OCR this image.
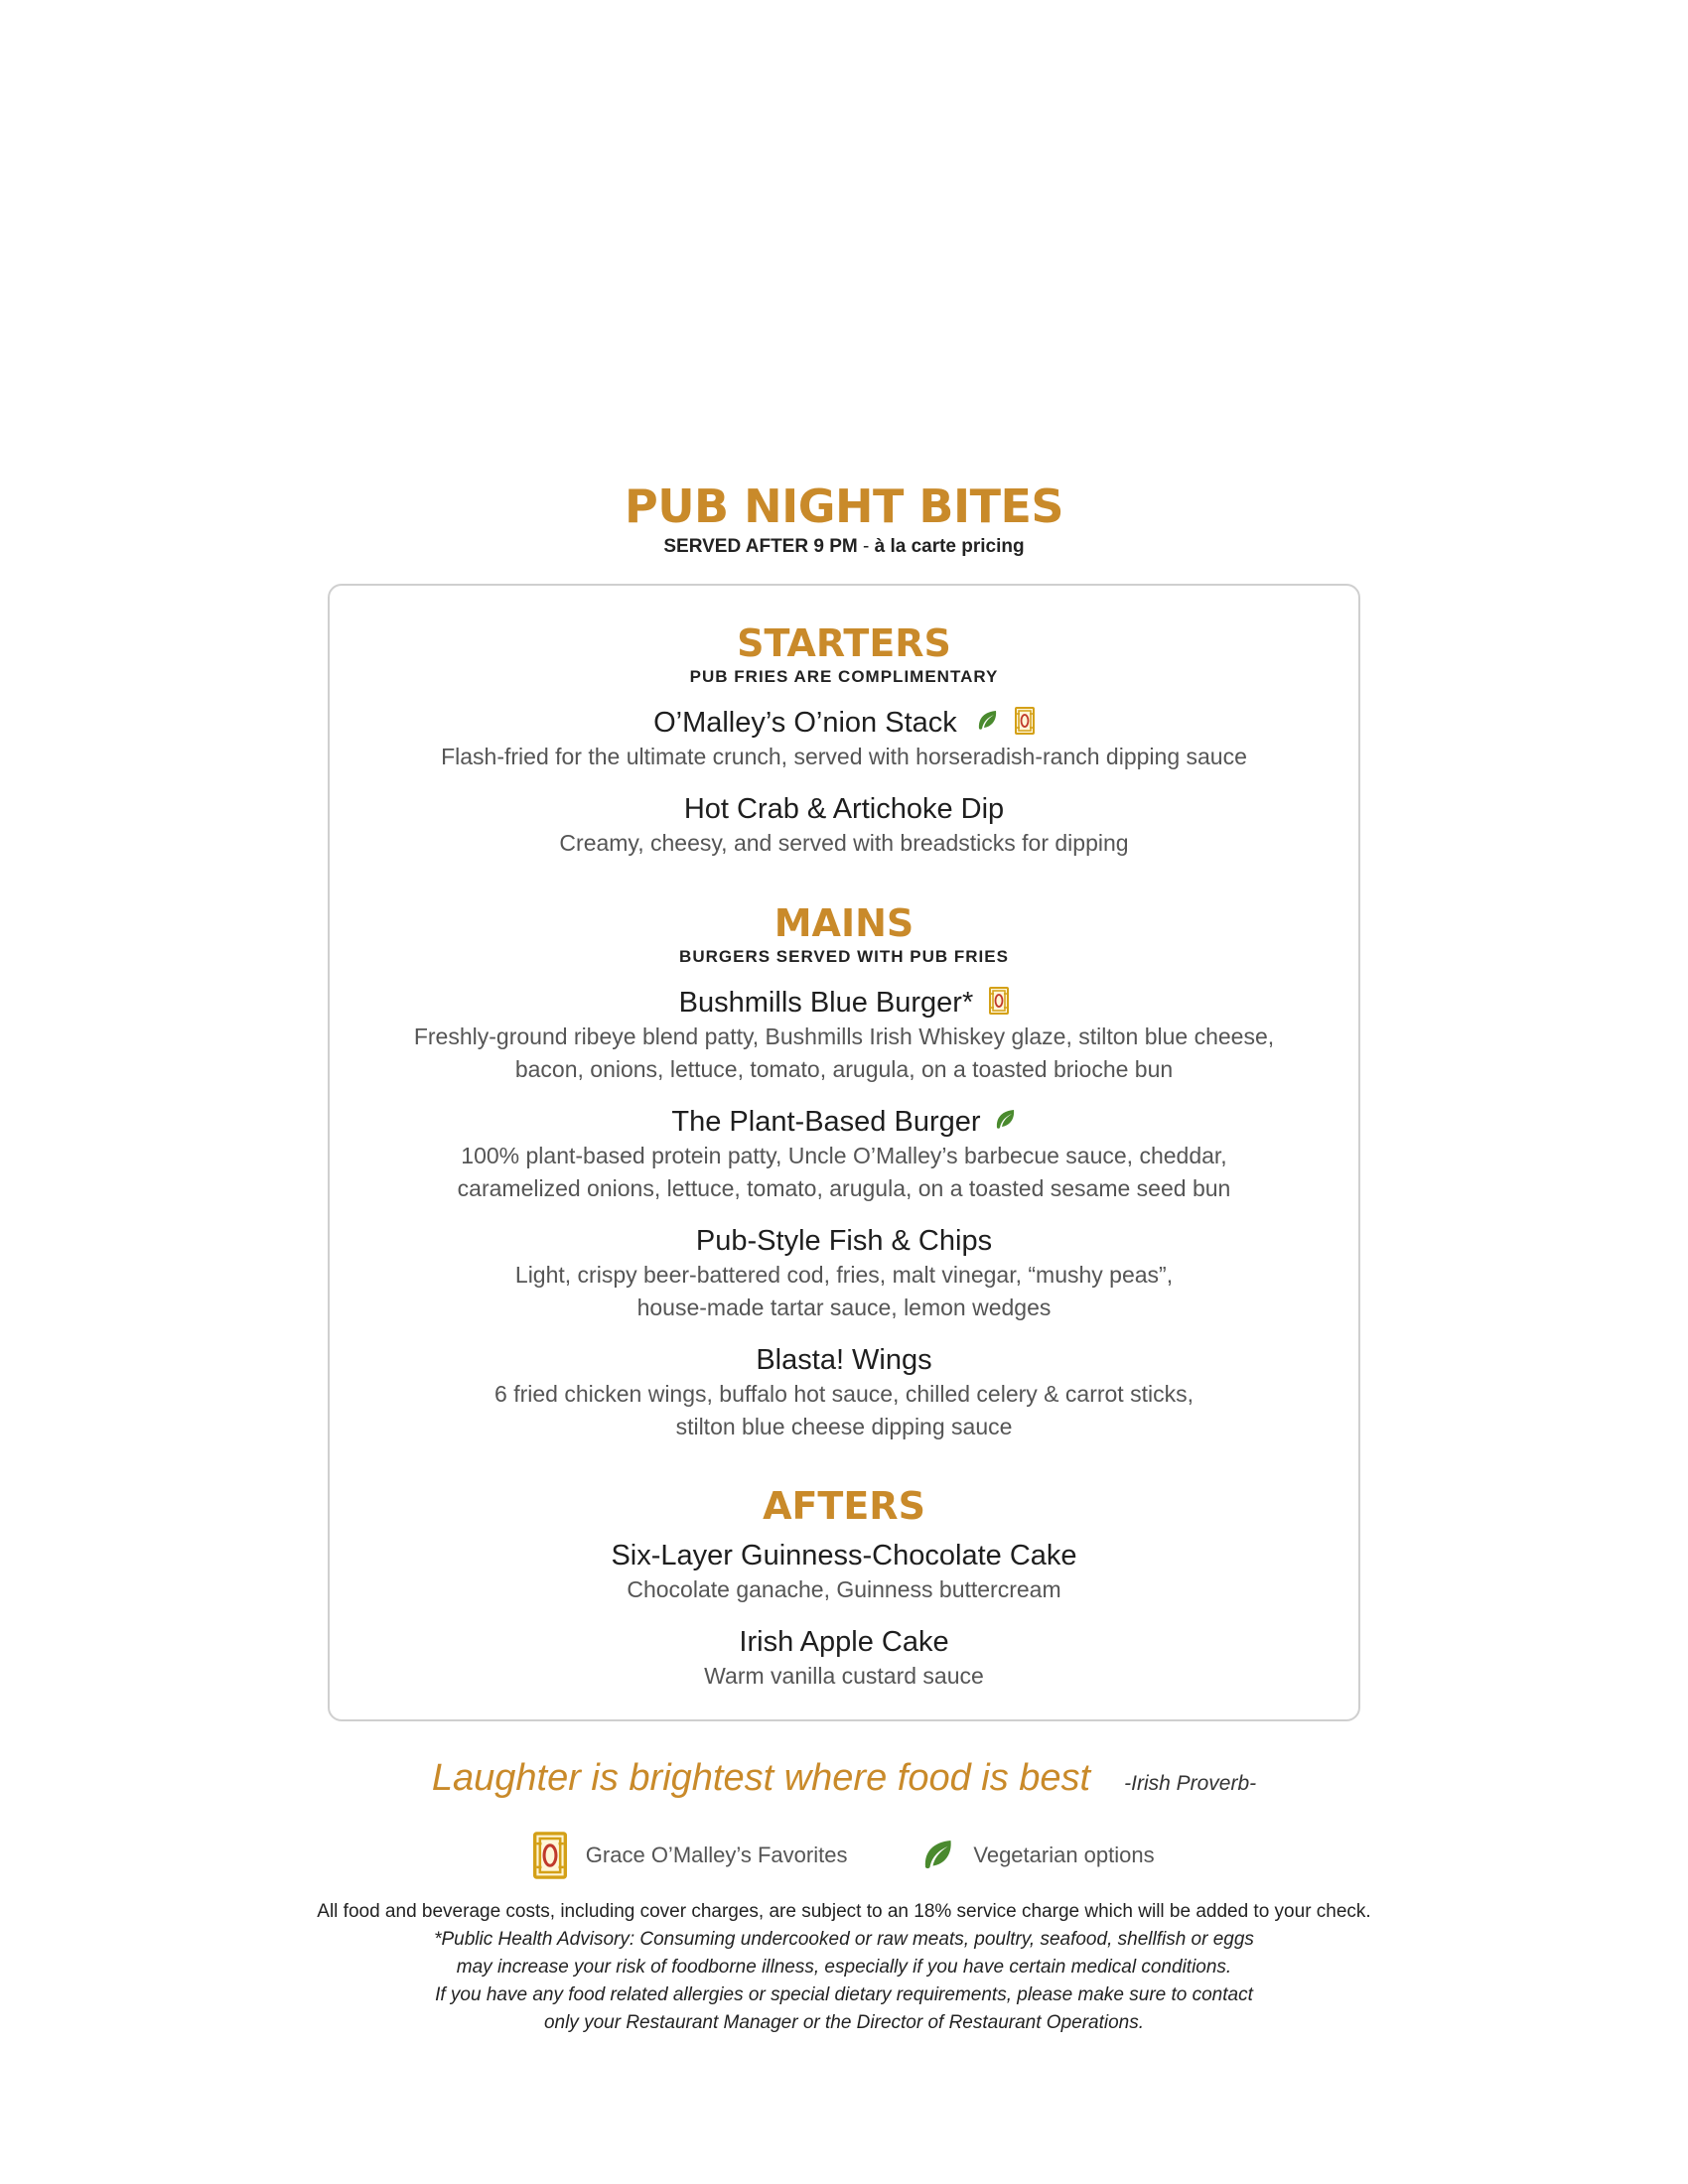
PUB NIGHT BITES
SERVED AFTER 9 PM - à la carte pricing
STARTERS
PUB FRIES ARE COMPLIMENTARY
O’Malley’s O’nion Stack
Flash-fried for the ultimate crunch, served with horseradish-ranch dipping sauce
Hot Crab & Artichoke Dip
Creamy, cheesy, and served with breadsticks for dipping
MAINS
BURGERS SERVED WITH PUB FRIES
Bushmills Blue Burger*
Freshly-ground ribeye blend patty, Bushmills Irish Whiskey glaze, stilton blue cheese,
bacon, onions, lettuce, tomato, arugula, on a toasted brioche bun
The Plant-Based Burger
100% plant-based protein patty, Uncle O’Malley’s barbecue sauce, cheddar,
caramelized onions, lettuce, tomato, arugula, on a toasted sesame seed bun
Pub-Style Fish & Chips
Light, crispy beer-battered cod, fries, malt vinegar, “mushy peas”,
house-made tartar sauce, lemon wedges
Blasta! Wings
6 fried chicken wings, buffalo hot sauce, chilled celery & carrot sticks,
stilton blue cheese dipping sauce
AFTERS
Six-Layer Guinness-Chocolate Cake
Chocolate ganache, Guinness buttercream
Irish Apple Cake
Warm vanilla custard sauce
Laughter is brightest where food is best -Irish Proverb-
Grace O’Malley’s Favorites	Vegetarian options
All food and beverage costs, including cover charges, are subject to an 18% service charge which will be added to your check.
*Public Health Advisory: Consuming undercooked or raw meats, poultry, seafood, shellfish or eggs
may increase your risk of foodborne illness, especially if you have certain medical conditions.
If you have any food related allergies or special dietary requirements, please make sure to contact
only your Restaurant Manager or the Director of Restaurant Operations.
